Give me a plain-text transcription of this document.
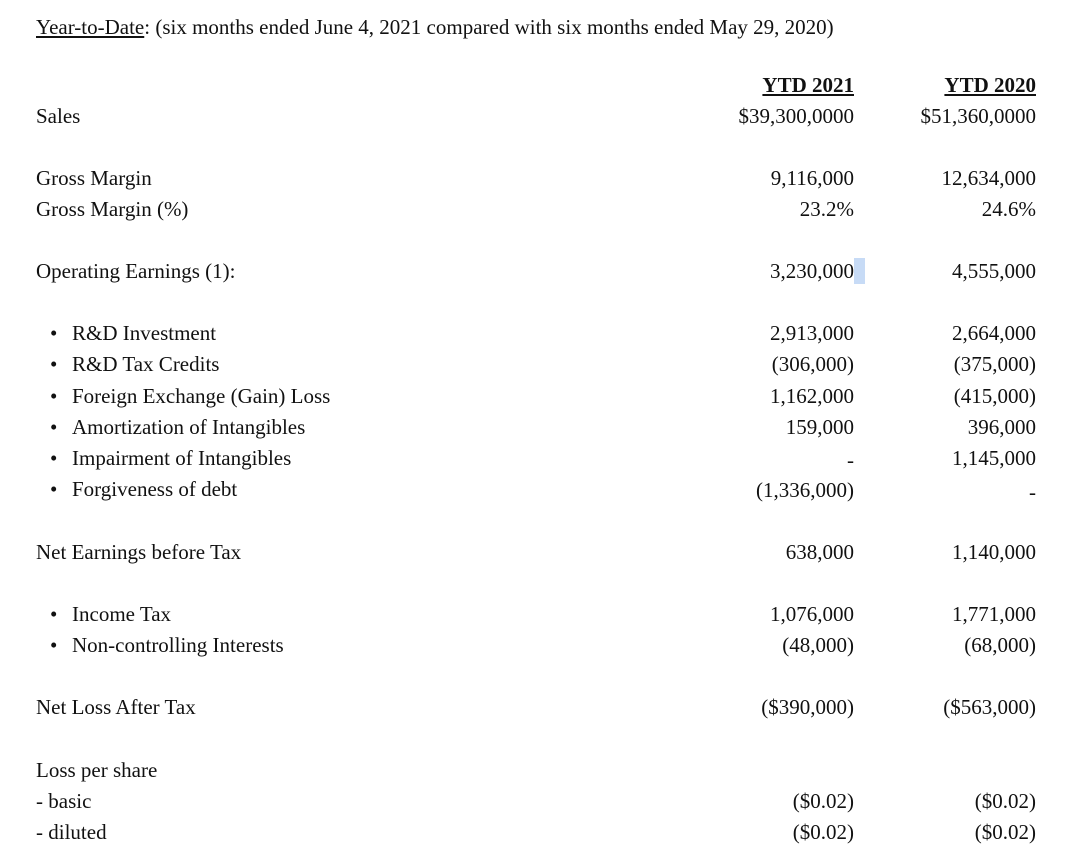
Year-to-Date: (six months ended June 4, 2021 compared with six months ended May 29, 2020)
YTD 2021	YTD 2020
Sales	$39,300,0000	$51,360,0000
Gross Margin	9,116,000	12,634,000
Gross Margin (%)	23.2%	24.6%
Operating Earnings (1):	3,230,000	4,555,000
• R&D Investment	2,913,000	2,664,000
• R&D Tax Credits	(306,000)	(375,000)
• Foreign Exchange (Gain) Loss	1,162,000	(415,000)
• Amortization of Intangibles	159,000	396,000
• Impairment of Intangibles	-	1,145,000
• Forgiveness of debt	(1,336,000)	-
Net Earnings before Tax	638,000	1,140,000
• Income Tax	1,076,000	1,771,000
• Non-controlling Interests	(48,000)	(68,000)
Net Loss After Tax	($390,000)	($563,000)
Loss per share
- basic	($0.02)	($0.02)
- diluted	($0.02)	($0.02)
